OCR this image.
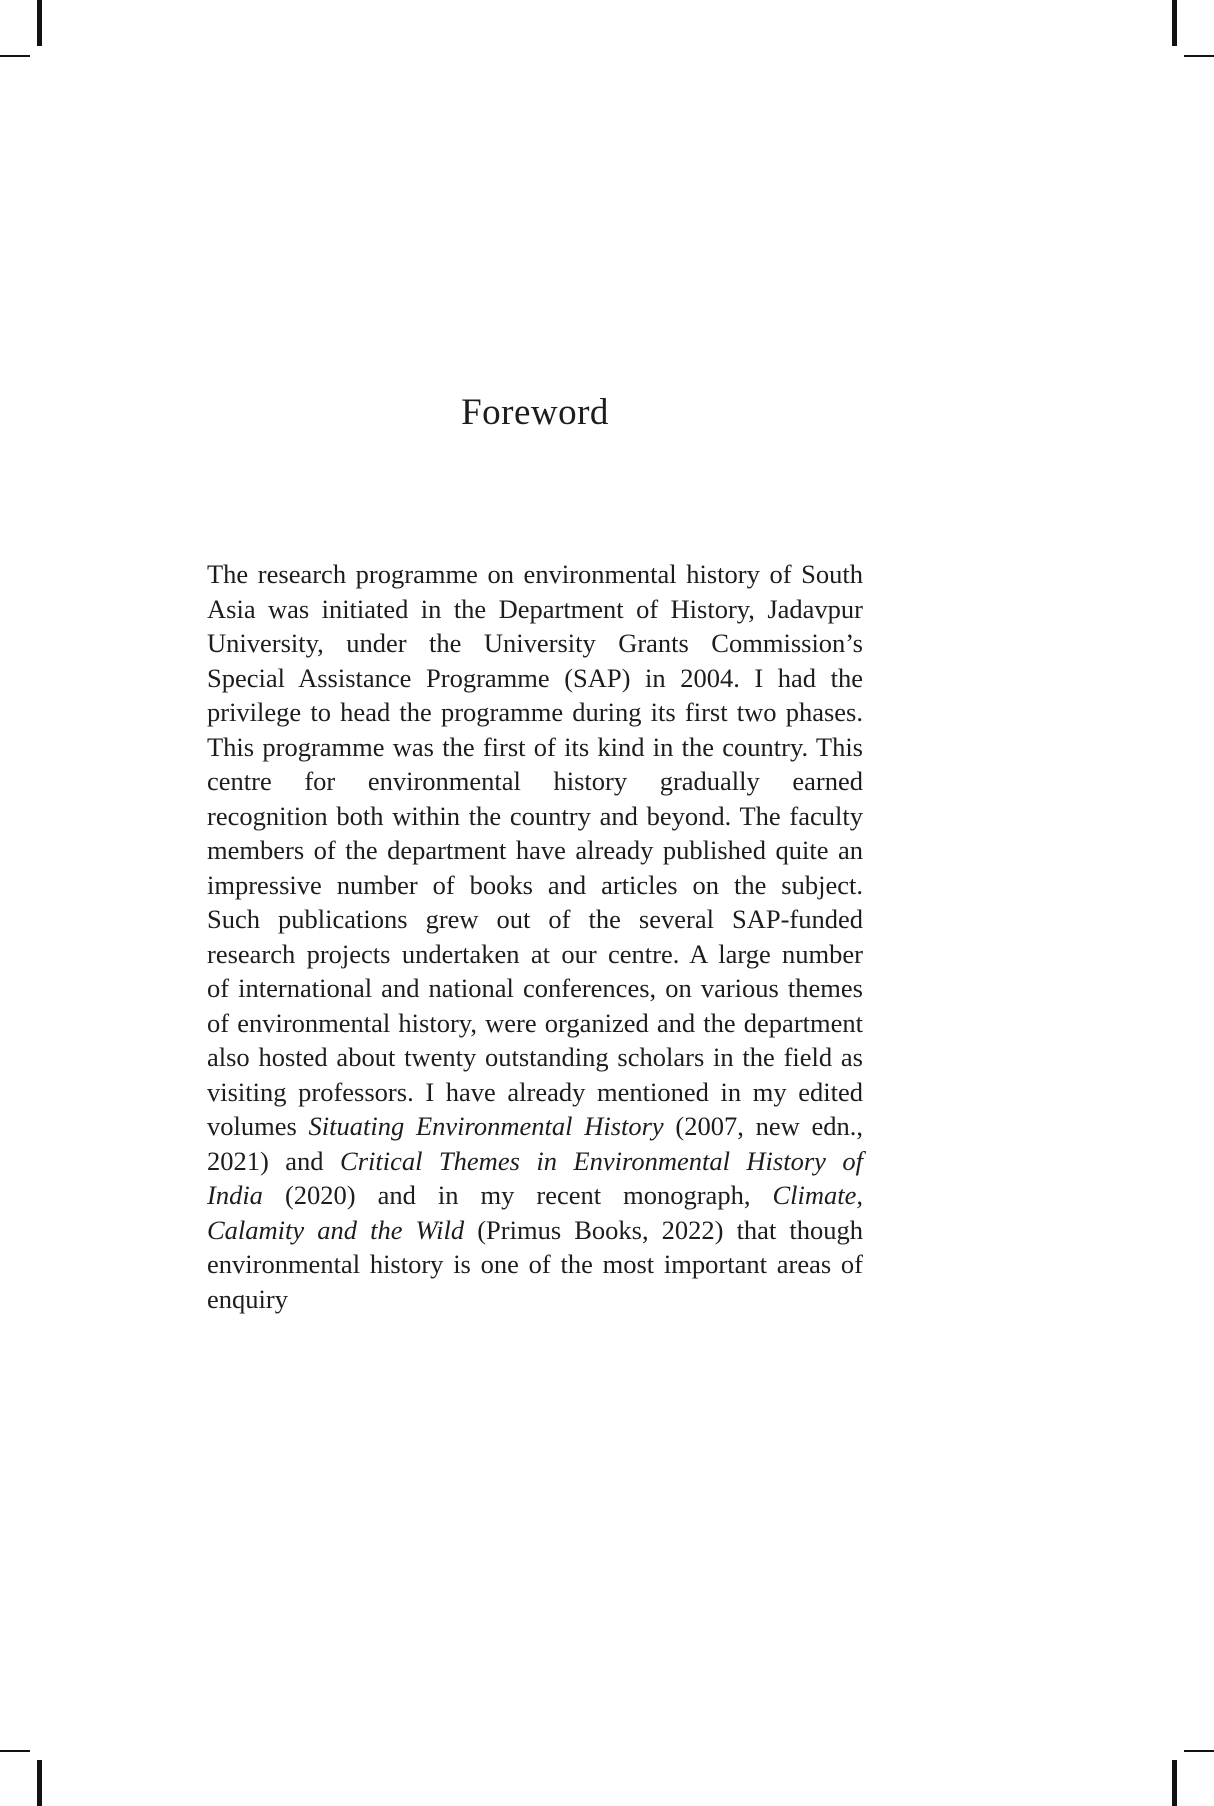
Foreword

The research programme on environmental history of South Asia was initiated in the Department of History, Jadavpur University, under the University Grants Commission’s Special Assistance Programme (SAP) in 2004. I had the privilege to head the programme during its first two phases. This programme was the first of its kind in the country. This centre for environmental history gradually earned recognition both within the country and beyond. The faculty members of the department have already published quite an impressive number of books and articles on the subject. Such publications grew out of the several SAP-funded research projects undertaken at our centre. A large number of international and national conferences, on various themes of environmental history, were organized and the department also hosted about twenty outstanding scholars in the field as visiting professors. I have already mentioned in my edited volumes Situating Environmental History (2007, new edn., 2021) and Critical Themes in Environmental History of India (2020) and in my recent monograph, Climate, Calamity and the Wild (Primus Books, 2022) that though environmental history is one of the most important areas of enquiry
